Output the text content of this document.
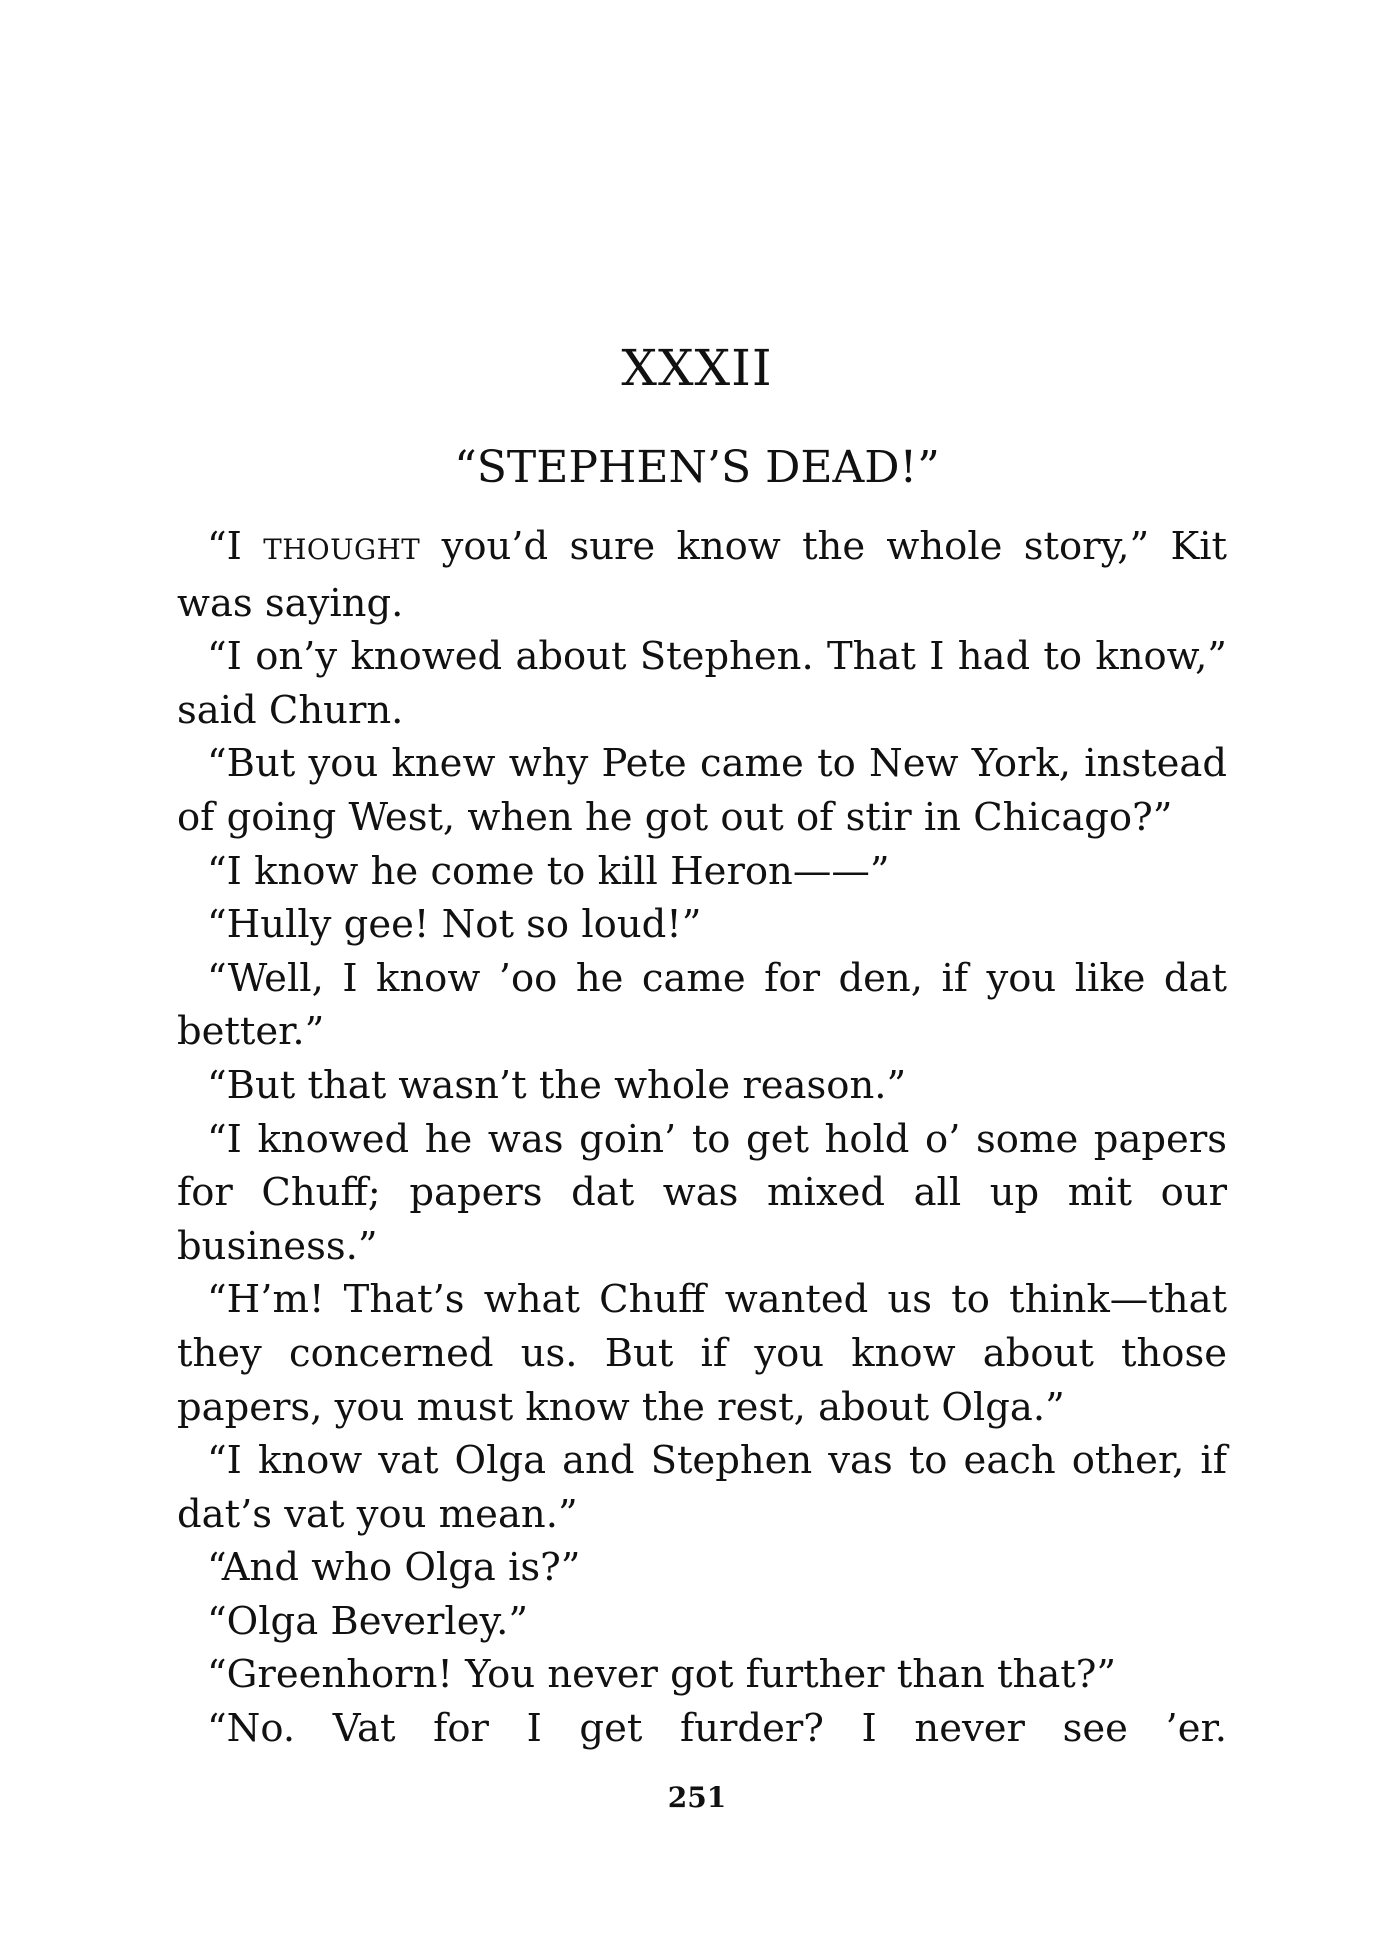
XXXII
“STEPHEN’S DEAD!”

“I THOUGHT you’d sure know the whole story,” Kit was saying.

“I on’y knowed about Stephen. That I had to know,” said Churn.

“But you knew why Pete came to New York, instead of going West, when he got out of stir in Chicago?”

“I know he come to kill Heron——”

“Hully gee! Not so loud!”

“Well, I know ’oo he came for den, if you like dat better.”

“But that wasn’t the whole reason.”

“I knowed he was goin’ to get hold o’ some papers for Chuff; papers dat was mixed all up mit our business.”

“H’m! That’s what Chuff wanted us to think—that they concerned us. But if you know about those papers, you must know the rest, about Olga.”

“I know vat Olga and Stephen vas to each other, if dat’s vat you mean.”

“And who Olga is?”

“Olga Beverley.”

“Greenhorn! You never got further than that?”

“No. Vat for I get furder? I never see ’er.

251
